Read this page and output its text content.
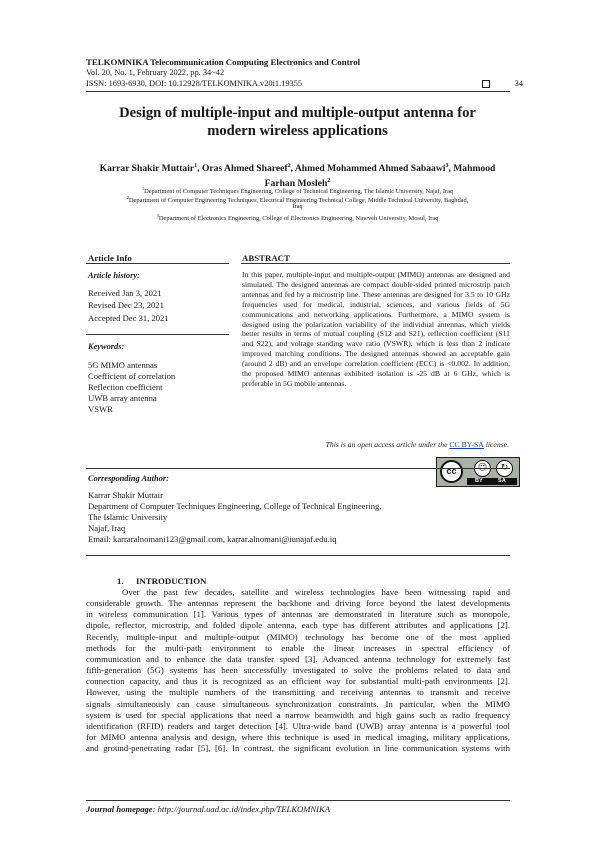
TELKOMNIKA Telecommunication Computing Electronics and Control
Vol. 20, No. 1, February 2022, pp. 34~42
ISSN: 1693-6930, DOI: 10.12928/TELKOMNIKA.v20i1.19355	34
Design of multiple-input and multiple-output antenna for
modern wireless applications
Karrar Shakir Muttair$^1$, Oras Ahmed Shareef$^2$, Ahmed Mohammed Ahmed Sabaawi$^3$, Mahmood
Farhan Mosleh$^2$
$^1$Department of Computer Techniques Engineering, College of Technical Engineering, The Islamic University, Najaf, Iraq
$^2$Department of Computer Engineering Techniques, Electrical Engineering Technical College, Middle Technical University, Baghdad,
Iraq
$^3$Department of Electronics Engineering, College of Electronics Engineering, Nineveh University, Mosul, Iraq
Article Info	ABSTRACT
Article history:
Received Jan 3, 2021
Revised Dec 23, 2021
Accepted Dec 31, 2021
Keywords:
5G MIMO antennas
Coefficient of correlation
Reflection coefficient
UWB array antenna
VSWR
In this paper, multiple-input and multiple-output (MIMO) antennas are designed and simulated. The designed antennas are compact double-sided printed microstrip patch antennas and fed by a microstrip line. These antennas are designed for 3.5 to 10 GHz frequencies used for medical, industrial, sciences, and various fields of 5G communications and networking applications. Furthermore, a MIMO system is designed using the polarization variability of the individual antennas, which yields better results in terms of mutual coupling (S12 and S21), reflection coefficient (S11 and S22), and voltage standing wave ratio (VSWR), which is less than 2 indicate improved matching conditions. The designed antennas showed an acceptable gain (around 2 dB) and an envelope correlation coefficient (ECC) is <0.002. In addition, the proposed MIMO antennas exhibited isolation is -25 dB at 6 GHz, which is preferable in 5G mobile antennas.
This is an open access article under the CC BY-SA license.
cc	☺	↻
BY	SA
Corresponding Author:
Karrar Shakir Muttair
Department of Computer Techniques Engineering, College of Technical Engineering,
The Islamic University
Najaf, Iraq
Email: karraralnomani123@gmail.com, karrar.alnomani@iunajaf.edu.iq
1. INTRODUCTION
Over the past few decades, satellite and wireless technologies have been witnessing rapid and
considerable growth. The antennas represent the backbone and driving force beyond the latest developments
in wireless communication [1]. Various types of antennas are demonstrated in literature such as monopole,
dipole, reflector, microstrip, and folded dipole antenna, each type has different attributes and applications [2].
Recently, multiple-input and multiple-output (MIMO) technology has become one of the most applied
methods for the multi-path environment to enable the linear increases in spectral efficiency of
communication and to enhance the data transfer speed [3]. Advanced antenna technology for extremely fast
fifth-generation (5G) systems has been successfully investigated to solve the problems related to data and
connection capacity, and thus it is recognized as an efficient way for substantial multi-path environments [2].
However, using the multiple numbers of the transmitting and receiving antennas to transmit and receive
signals simultaneously can cause simultaneous synchronization constraints. In particular, when the MIMO
system is used for special applications that need a narrow beamwidth and high gains such as radio frequency
identification (RFID) readers and target detection [4]. Ultra-wide band (UWB) array antenna is a powerful tool
for MIMO antenna analysis and design, where this technique is used in medical imaging, military applications,
and ground-penetrating radar [5], [6]. In contrast, the significant evolution in line communication systems with
Journal homepage: http://journal.uad.ac.id/index.php/TELKOMNIKA
